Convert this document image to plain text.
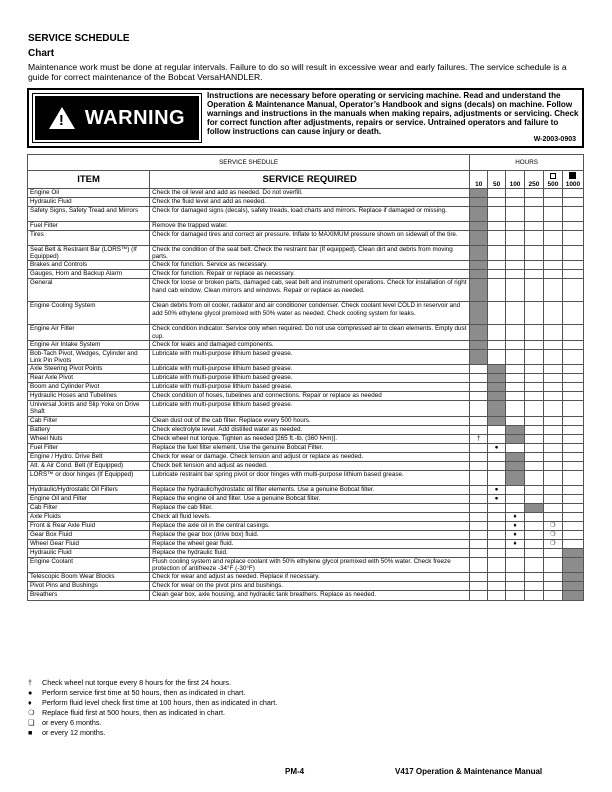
SERVICE SCHEDULE
Chart
Maintenance work must be done at regular intervals. Failure to do so will result in excessive wear and early failures. The service schedule is a guide for correct maintenance of the Bobcat VersaHANDLER.
! WARNING
Instructions are necessary before operating or servicing machine. Read and understand the Operation & Maintenance Manual, Operator’s Handbook and signs (decals) on machine. Follow warnings and instructions in the manuals when making repairs, adjustments or servicing. Check for correct function after adjustments, repairs or service. Untrained operators and failure to follow instructions can cause injury or death.
W-2003-0903
SERVICE SHEDULE		HOURS					
ITEM	SERVICE REQUIRED	10	50	100	250	500	1000
Engine Oil	Check the oil level and add as needed. Do not overfill.						
Hydraulic Fluid	Check the fluid level and add as needed.						
Safety Signs, Safety Tread and Mirrors	Check for damaged signs (decals), safety treads, load charts and mirrors. Replace if damaged or missing.						
Fuel Filter	Remove the trapped water.						
Tires	Check for damaged tires and correct air pressure. Inflate to MAXIMUM pressure shown on sidewall of the tire.						
Seat Belt & Restraint Bar (LORS™) (If Equipped)	Check the condition of the seat belt. Check the restraint bar (If equipped). Clean dirt and debris from moving parts.						
Brakes and Controls	Check for function. Service as necessary.						
Gauges, Horn and Backup Alarm	Check for function. Repair or replace as necessary.						
General	Check for loose or broken parts, damaged cab, seat belt and instrument operations. Check for installation of right hand cab window. Clean mirrors and windows. Repair or replace as needed.						
Engine Cooling System	Clean debris from oil cooler, radiator and air conditioner condenser. Check coolant level COLD in reservoir and add 50% ethylene glycol premixed with 50% water as needed. Check cooling system for leaks.						
Engine Air Filter	Check condition indicator. Service only when required. Do not use compressed air to clean elements. Empty dust cup.						
Engine Air Intake System	Check for leaks and damaged components.						
Bob-Tach Pivot, Wedges, Cylinder and Link Pin Pivots	Lubricate with multi-purpose lithium based grease.						
Axle Steering Pivot Points	Lubricate with multi-purpose lithium based grease.						
Rear Axle Pivot	Lubricate with multi-purpose lithium based grease.						
Boom and Cylinder Pivot	Lubricate with multi-purpose lithium based grease.						
Hydraulic Hoses and Tubelines	Check condition of hoses, tubelines and connections. Repair or replace as needed						
Universal Joints and Slip Yoke on Drive Shaft	Lubricate with multi-purpose lithium based grease.						
Cab Filter	Clean dust out of the cab filter. Replace every 500 hours.						
Battery	Check electrolyte level. Add distilled water as needed.						
Wheel Nuts	Check wheel nut torque. Tighten as needed [265 ft.-lb. (360 N•m)].	†					
Fuel Filter	Replace the fuel filter element. Use the genuine Bobcat Filter.		●				
Engine / Hydro. Drive Belt	Check for wear or damage. Check tension and adjust or replace as needed.						
Alt. & Air Cond. Belt (If Equipped)	Check belt tension and adjust as needed.						
LORS™ or door hinges (If Equipped)	Lubricate restraint bar spring pivot or door hinges with multi-purpose lithium based grease.						
Hydraulic/Hydrostatic Oil Filters	Replace the hydraulic/hydrostatic oil filter elements. Use a genuine Bobcat filter.		●				
Engine Oil and Filter	Replace the engine oil and filter. Use a genuine Bobcat filter.		●				
Cab Filter	Replace the cab filter.						
Axle Fluids	Check all fluid levels.			♦			
Front & Rear Axle Fluid	Replace the axle oil in the central casings.			♦		❍	
Gear Box Fluid	Replace the gear box (drive box) fluid.			♦		❍	
Wheel Gear Fluid	Replace the wheel gear fluid.			♦		❍	
Hydraulic Fluid	Replace the hydraulic fluid.						
Engine Coolant	Flush cooling system and replace coolant with 50% ethylene glycol premixed with 50% water. Check freeze protection of antifreeze -34°F (-30°F)						
Telescopic Boom Wear Blocks	Check for wear and adjust as needed. Replace if necessary.						
Pivot Pins and Bushings	Check for wear on the pivot pins and bushings.						
Breathers	Clean gear box, axle housing, and hydraulic tank breathers. Replace as needed.						
† Check wheel nut torque every 8 hours for the first 24 hours.
● Perform service first time at 50 hours, then as indicated in chart.
♦ Perform fluid level check first time at 100 hours, then as indicated in chart.
❍ Replace fluid first at 500 hours, then as indicated in chart.
❑ or every 6 months.
■ or every 12 months.
PM-4	V417 Operation & Maintenance Manual
